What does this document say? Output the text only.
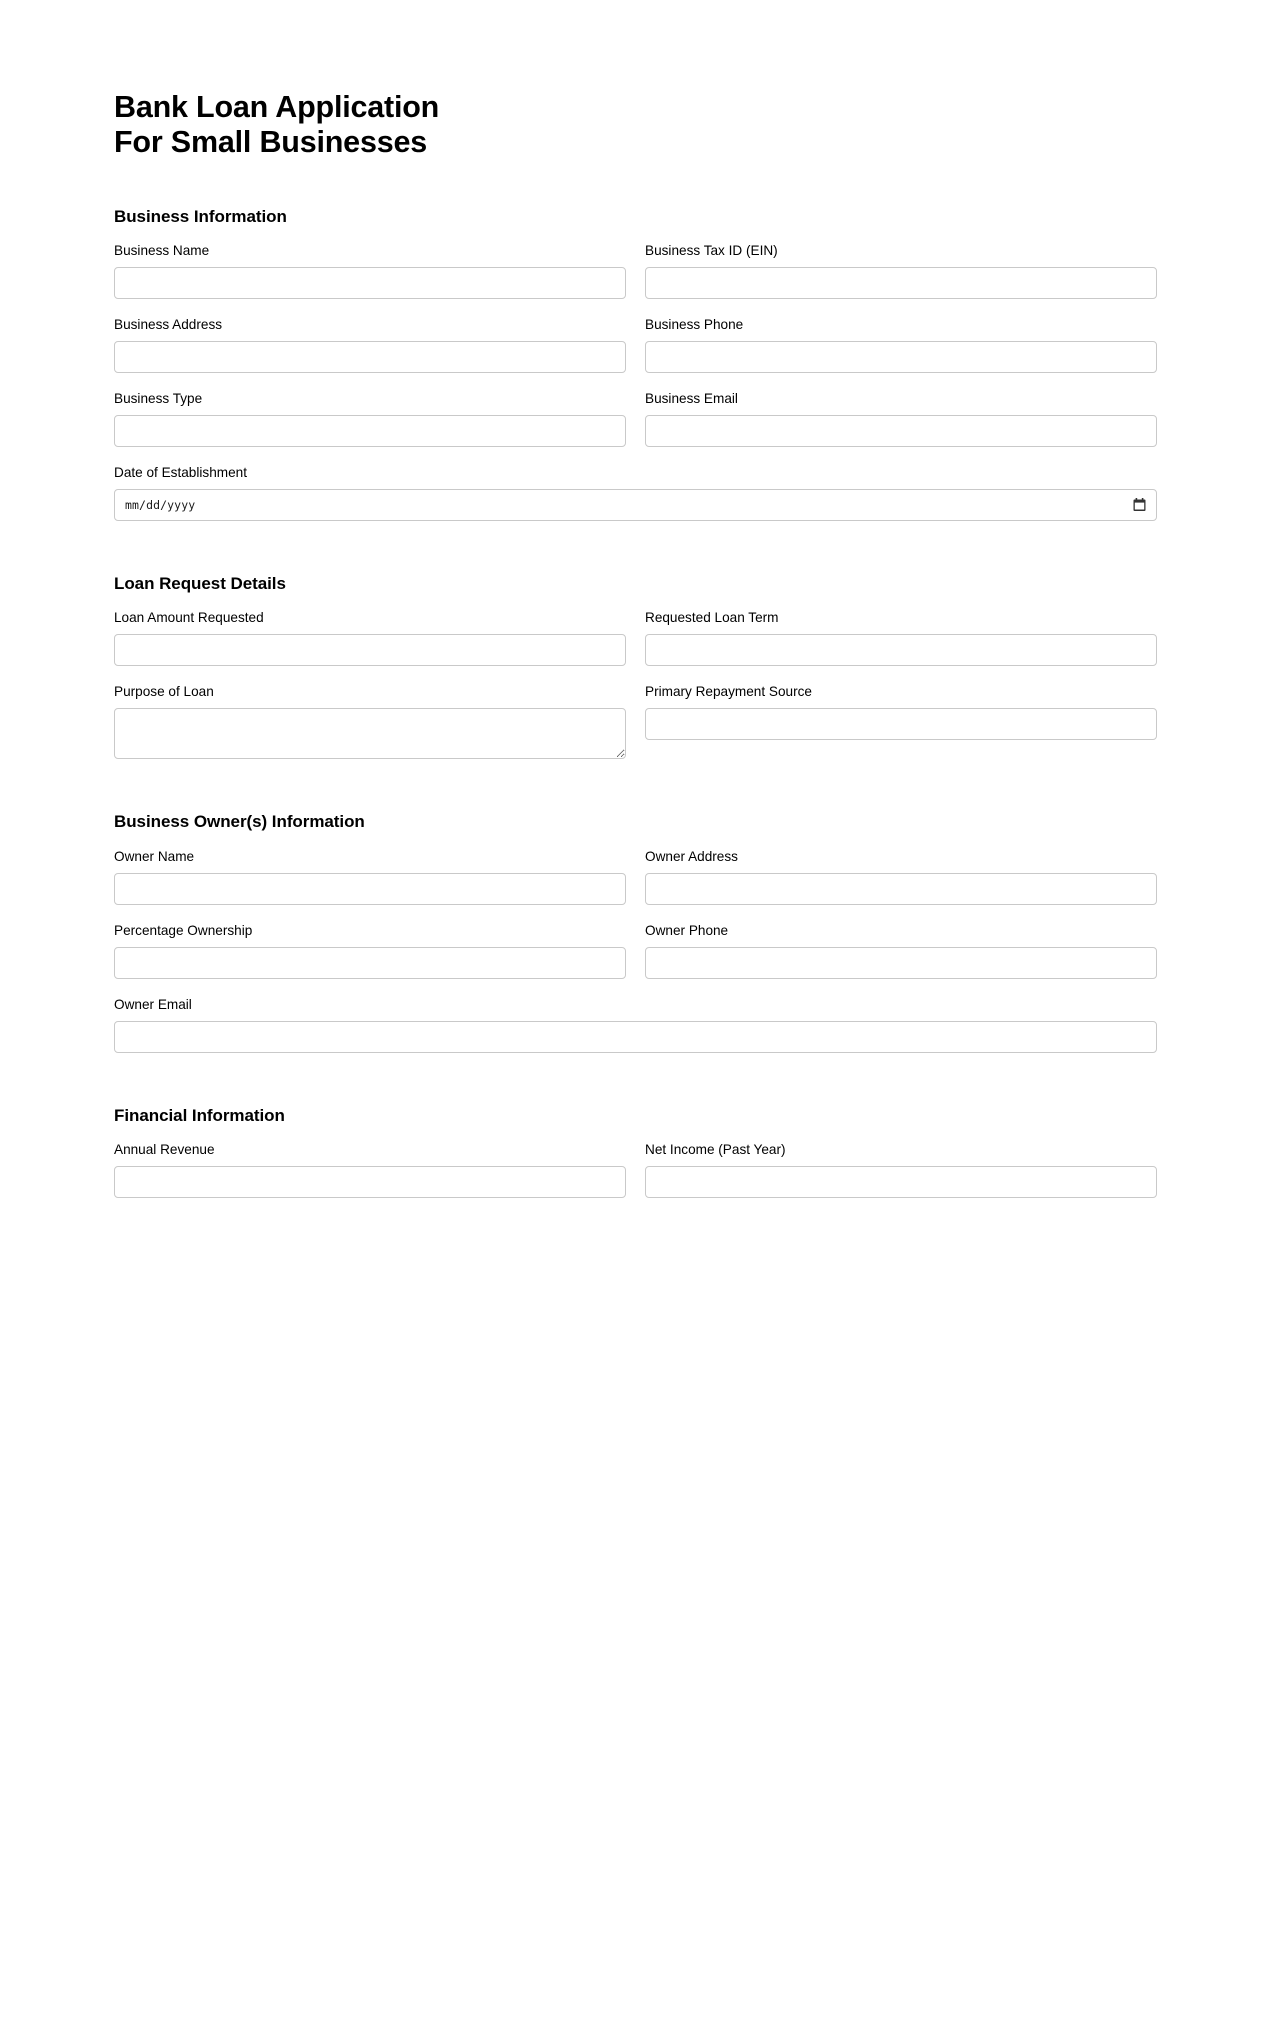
Bank Loan Application
For Small Businesses
Business Information
Business Name	Business Tax ID (EIN)
Business Address	Business Phone
Business Type	Business Email
Date of Establishment
mm/dd/yyyy
Loan Request Details
Loan Amount Requested	Requested Loan Term
Purpose of Loan	Primary Repayment Source
Business Owner(s) Information
Owner Name	Owner Address
Percentage Ownership	Owner Phone
Owner Email
Financial Information
Annual Revenue	Net Income (Past Year)
